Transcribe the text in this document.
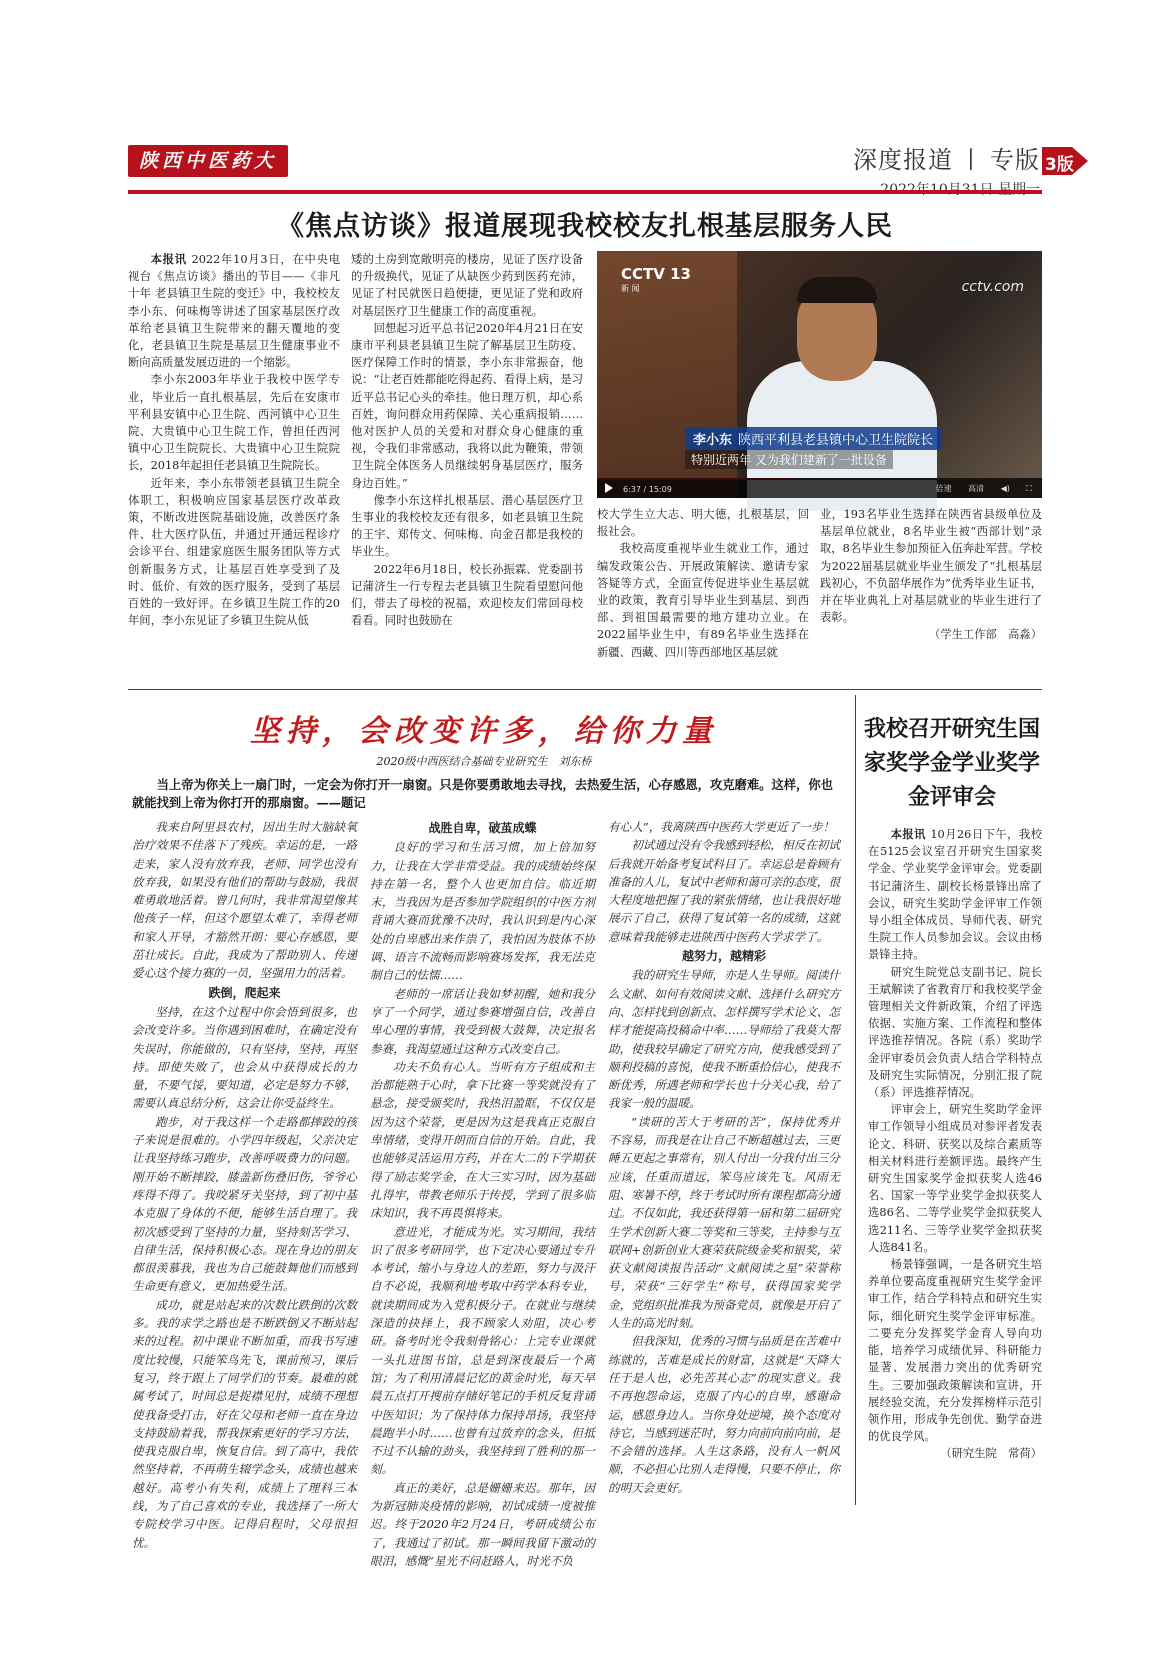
陕西中医药大	深度报道 丨 专版 3版
《焦点访谈》报道展现我校校友扎根基层服务人民

本报讯 2022年10月3日，在中央电视台《焦点访谈》播出的节目——《非凡十年 老县镇卫生院的变迁》中，我校校友李小东、何味梅等讲述了国家基层医疗改革给老县镇卫生院带来的翻天覆地的变化，老县镇卫生院是基层卫生健康事业不断向高质量发展迈进的一个缩影。

李小东2003年毕业于我校中医学专业，毕业后一直扎根基层，先后在安康市平利县安镇中心卫生院、西河镇中心卫生院、大贵镇中心卫生院工作，曾担任西河镇中心卫生院院长、大贵镇中心卫生院院长，2018年起担任老县镇卫生院院长。

近年来，李小东带领老县镇卫生院全体职工，积极响应国家基层医疗改革政策，不断改进医院基础设施，改善医疗条件、壮大医疗队伍，并通过开通远程诊疗会诊平台、组建家庭医生服务团队等方式创新服务方式，让基层百姓享受到了及时、低价、有效的医疗服务，受到了基层百姓的一致好评。在乡镇卫生院工作的20年间，李小东见证了乡镇卫生院从低

矮的土房到宽敞明亮的楼房，见证了医疗设备的升级换代，见证了从缺医少药到医药充沛，见证了村民就医日趋便捷，更见证了党和政府对基层医疗卫生健康工作的高度重视。

回想起习近平总书记2020年4月21日在安康市平利县老县镇卫生院了解基层卫生防疫、医疗保障工作时的情景，李小东非常振奋，他说：“让老百姓都能吃得起药、看得上病，是习近平总书记心头的牵挂。他日理万机，却心系百姓，询问群众用药保障、关心重病报销……他对医护人员的关爱和对群众身心健康的重视，令我们非常感动，我将以此为鞭策，带领卫生院全体医务人员继续躬身基层医疗，服务身边百姓。”

像李小东这样扎根基层、潜心基层医疗卫生事业的我校校友还有很多，如老县镇卫生院的王宇、郑传文、何味梅、向金召都是我校的毕业生。

2022年6月18日，校长孙振霖、党委副书记蒲济生一行专程去老县镇卫生院看望慰问他们，带去了母校的祝福，欢迎校友们常回母校看看。同时也鼓励在

CCTV 13
新 闻	cctv.com
李小东 陕西平利县老县镇中心卫生院院长
特别近两年 又为我们建新了一批设备
6:37 / 15:09	倍速 高清 ◀) ⛶

校大学生立大志、明大德，扎根基层，回报社会。

我校高度重视毕业生就业工作，通过编发政策公告、开展政策解读、邀请专家答疑等方式，全面宣传促进毕业生基层就业的政策，教育引导毕业生到基层、到西部、到祖国最需要的地方建功立业。在2022届毕业生中，有89名毕业生选择在新疆、西藏、四川等西部地区基层就

业，193名毕业生选择在陕西省县级单位及基层单位就业，8名毕业生被“西部计划”录取，8名毕业生参加预征入伍奔赴军营。学校为2022届基层就业毕业生颁发了“扎根基层践初心，不负韶华展作为”优秀毕业生证书，并在毕业典礼上对基层就业的毕业生进行了表彰。

（学生工作部　高淼）

坚持，会改变许多，给你力量
2020级中西医结合基础专业研究生　刘东桥

当上帝为你关上一扇门时，一定会为你打开一扇窗。只是你要勇敢地去寻找，去热爱生活，心存感恩，攻克磨难。这样，你也就能找到上帝为你打开的那扇窗。——题记

我来自阿里县农村，因出生时大脑缺氧治疗效果不佳落下了残疾。幸运的是，一路走来，家人没有放弃我，老师、同学也没有放弃我，如果没有他们的帮助与鼓励，我很难勇敢地活着。曾几何时，我非常渴望像其他孩子一样，但这个愿望太难了，幸得老师和家人开导，才豁然开朗：要心存感恩，要茁壮成长。自此，我成为了帮助别人、传递爱心这个接力赛的一员，坚强用力的活着。

跌倒，爬起来

坚持，在这个过程中你会悟到很多，也会改变许多。当你遇到困难时，在确定没有失误时，你能做的，只有坚持，坚持，再坚持。即使失败了，也会从中获得成长的力量，不要气馁，要知道，必定是努力不够，需要认真总结分析，这会让你受益终生。

跑步，对于我这样一个走路都摔跤的孩子来说是很难的。小学四年级起，父亲决定让我坚持练习跑步，改善呼吸费力的问题。刚开始不断摔跤，膝盖新伤叠旧伤，爷爷心疼得不得了。我咬紧牙关坚持，到了初中基本克服了身体的不便，能够生活自理了。我初次感受到了坚持的力量，坚持刻苦学习、自律生活，保持积极心态。现在身边的朋友都很羡慕我，我也为自己能鼓舞他们而感到生命更有意义，更加热爱生活。

成功，就是站起来的次数比跌倒的次数多。我的求学之路也是不断跌倒又不断站起来的过程。初中课业不断加重，而我书写速度比较慢，只能笨鸟先飞，课前预习，课后复习，终于跟上了同学们的节奏。最难的就属考试了，时间总是捉襟见肘，成绩不理想使我备受打击，好在父母和老师一直在身边支持鼓励着我，帮我探索更好的学习方法，使我克服自卑，恢复自信。到了高中，我依然坚持着，不再萌生辍学念头，成绩也越来越好。高考小有失利，成绩上了理科三本线，为了自己喜欢的专业，我选择了一所大专院校学习中医。记得启程时，父母很担忧。

战胜自卑，破茧成蝶

良好的学习和生活习惯，加上倍加努力，让我在大学非常受益。我的成绩始终保持在第一名，整个人也更加自信。临近期末，当我因为是否参加学院组织的中医方剂背诵大赛而犹豫不决时，我认识到是内心深处的自卑感出来作祟了，我怕因为肢体不协调、语言不流畅而影响赛场发挥，我无法克制自己的怯懦……

老师的一席话让我如梦初醒，她和我分享了一个同学，通过参赛增强自信，改善自卑心理的事情，我受到极大鼓舞，决定报名参赛，我渴望通过这种方式改变自己。

功夫不负有心人。当听有方子组成和主治都能熟于心时，拿下比赛一等奖就没有了悬念，接受颁奖时，我热泪盈眶，不仅仅是因为这个荣誉，更是因为这是我真正克服自卑情绪，变得开朗而自信的开始。自此，我也能够灵活运用方药，并在大二的下学期获得了励志奖学金，在大三实习时，因为基础扎得牢，带教老师乐于传授，学到了很多临床知识，我不再畏惧将来。

意进光，才能成为光。实习期间，我结识了很多考研同学，也下定决心要通过专升本考试，缩小与身边人的差距，努力与汲汗自不必说，我顺利地考取中药学本科专业，就读期间成为入党积极分子。在就业与继续深造的抉择上，我不顾家人劝阻，决心考研。备考时光令我刻骨铭心：上完专业课就一头扎进图书馆，总是到深夜最后一个离馆；为了利用清晨记忆的黄金时光，每天早晨五点打开搜前存储好笔记的手机反复背诵中医知识；为了保持体力保持昂扬，我坚持晨跑半小时……也曾有过放弃的念头，但抵不过不认输的劲头，我坚持到了胜利的那一刻。

真正的美好，总是姗姗来迟。那年，因为新冠肺炎疫情的影响，初试成绩一度被推迟。终于2020年2月24日，考研成绩公布了，我通过了初试。那一瞬间我留下激动的眼泪，感慨“星光不问赶路人，时光不负

有心人”，我离陕西中医药大学更近了一步！

初试通过没有令我感到轻松，相反在初试后我就开始备考复试科目了。幸运总是眷顾有准备的人儿，复试中老师和蔼可亲的态度，很大程度地把握了我的紧张情绪，也让我很好地展示了自己，获得了复试第一名的成绩，这就意味着我能够走进陕西中医药大学求学了。

越努力，越精彩

我的研究生导师，亦是人生导师。阅读什么文献、如何有效阅读文献、选择什么研究方向、怎样找到创新点、怎样撰写学术论文、怎样才能提高投稿命中率……导师给了我莫大帮助，使我较早确定了研究方向，使我感受到了顺利投稿的喜悦，使我不断重拾信心，使我不断优秀，所遇老师和学长也十分关心我，给了我家一般的温暖。

“读研的苦大于考研的苦”，保持优秀并不容易，而我是在让自己不断超越过去，三更睡五更起之事常有，别人付出一分我付出三分应该，任重而道远，笨鸟应该先飞。风雨无阻、寒暑不停，终于考试时所有课程都高分通过。不仅如此，我还获得第一届和第二届研究生学术创新大赛二等奖和三等奖，主持参与互联网+创新创业大赛荣获院级金奖和银奖，荣获文献阅读报告活动“文献阅读之星”荣誉称号，荣获“三好学生”称号，获得国家奖学金，党组织批准我为预备党员，就像是开启了人生的高光时刻。

但我深知，优秀的习惯与品质是在苦难中练就的，苦难是成长的财富，这就是“天降大任于是人也，必先苦其心志”的现实意义。我不再抱怨命运，克服了内心的自卑，感谢命运，感恩身边人。当你身处逆境，换个态度对待它，当感到迷茫时，努力向前向前向前，是不会错的选择。人生这条路，没有人一帆风顺，不必担心比别人走得慢，只要不停止，你的明天会更好。

我校召开研究生国家奖学金学业奖学金评审会

本报讯 10月26日下午，我校在5125会议室召开研究生国家奖学金、学业奖学金评审会。党委副书记蒲济生、副校长杨景锋出席了会议，研究生奖助学金评审工作领导小组全体成员、导师代表、研究生院工作人员参加会议。会议由杨景锋主持。

研究生院党总支副书记、院长王斌解读了省教育厅和我校奖学金管理相关文件新政策，介绍了评选依据、实施方案、工作流程和整体评选推荐情况。各院（系）奖助学金评审委员会负责人结合学科特点及研究生实际情况，分别汇报了院（系）评选推荐情况。

评审会上，研究生奖助学金评审工作领导小组成员对参评者发表论文、科研、获奖以及综合素质等相关材料进行差额评选。最终产生研究生国家奖学金拟获奖人选46名、国家一等学业奖学金拟获奖人选86名、二等学业奖学金拟获奖人选211名、三等学业奖学金拟获奖人选841名。

杨景锋强调，一是各研究生培养单位要高度重视研究生奖学金评审工作，结合学科特点和研究生实际，细化研究生奖学金评审标准。二要充分发挥奖学金育人导向功能，培养学习成绩优异、科研能力显著、发展潜力突出的优秀研究生。三要加强政策解读和宣讲，开展经验交流，充分发挥榜样示范引领作用，形成争先创优、勤学奋进的优良学风。

（研究生院　常荷）
